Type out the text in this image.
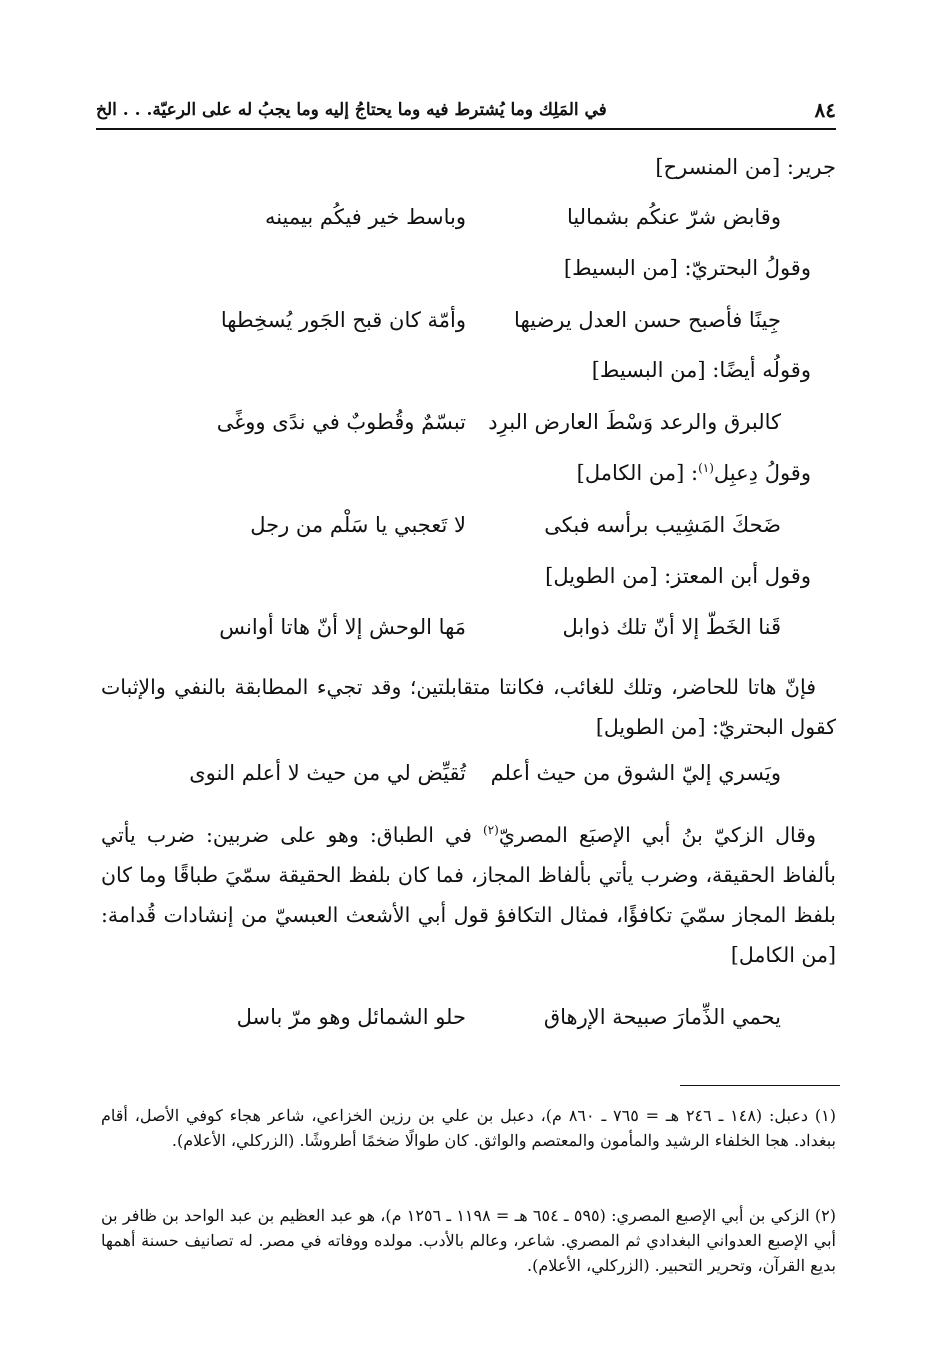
٨٤
في المَلِك وما يُشترط فيه وما يحتاجُ إليه وما يجبُ له على الرعيّة. . . الخ
جرير: [من المنسرح]
وباسط خير فيكُم بيمينه	وقابض شرّ عنكُم بشماليا
وقولُ البحتريّ: [من البسيط]
وأمّة كان قبح الجَور يُسخِطها	جِينًا فأصبح حسن العدل يرضيها
وقولُه أيضًا: [من البسيط]
تبسّمٌ وقُطوبٌ في ندًى ووغًى	كالبرق والرعد وَسْطَ العارض البرِد
وقولُ دِعبِل$^{(١)}$: [من الكامل]
لا تَعجبي يا سَلْم من رجل	ضَحكَ المَشِيب برأسه فبكى
وقول أبن المعتز: [من الطويل]
مَها الوحش إلا أنّ هاتا أوانس	قَنا الخَطّ إلا أنّ تلك ذوابل
فإنّ هاتا للحاضر، وتلك للغائب، فكانتا متقابلتين؛ وقد تجيء المطابقة بالنفي والإثبات كقول البحتريّ: [من الطويل]
تُقيِّض لي من حيث لا أعلم النوى	ويَسري إليّ الشوق من حيث أعلم
وقال الزكيّ بنُ أبي الإصبَع المصريّ$^{(٢)}$ في الطباق: وهو على ضربين: ضرب يأتي بألفاظ الحقيقة، وضرب يأتي بألفاظ المجاز، فما كان بلفظ الحقيقة سمّيَ طباقًا وما كان بلفظ المجاز سمّيَ تكافؤًا، فمثال التكافؤ قول أبي الأشعث العبسيّ من إنشادات قُدامة: [من الكامل]
حلو الشمائل وهو مرّ باسل	يحمي الذِّمارَ صبيحة الإرهاق
(١) دعبل: (١٤٨ ـ ٢٤٦ هـ = ٧٦٥ ـ ٨٦٠ م)، دعبل بن علي بن رزين الخزاعي، شاعر هجاء كوفي الأصل، أقام ببغداد. هجا الخلفاء الرشيد والمأمون والمعتصم والواثق. كان طوالًا ضخمًا أطروشًا. (الزركلي، الأعلام).
(٢) الزكي بن أبي الإصبع المصري: (٥٩٥ ـ ٦٥٤ هـ = ١١٩٨ ـ ١٢٥٦ م)، هو عبد العظيم بن عبد الواحد بن ظافر بن أبي الإصبع العدواني البغدادي ثم المصري. شاعر، وعالم بالأدب. مولده ووفاته في مصر. له تصانيف حسنة أهمها بديع القرآن، وتحرير التحبير. (الزركلي، الأعلام).
